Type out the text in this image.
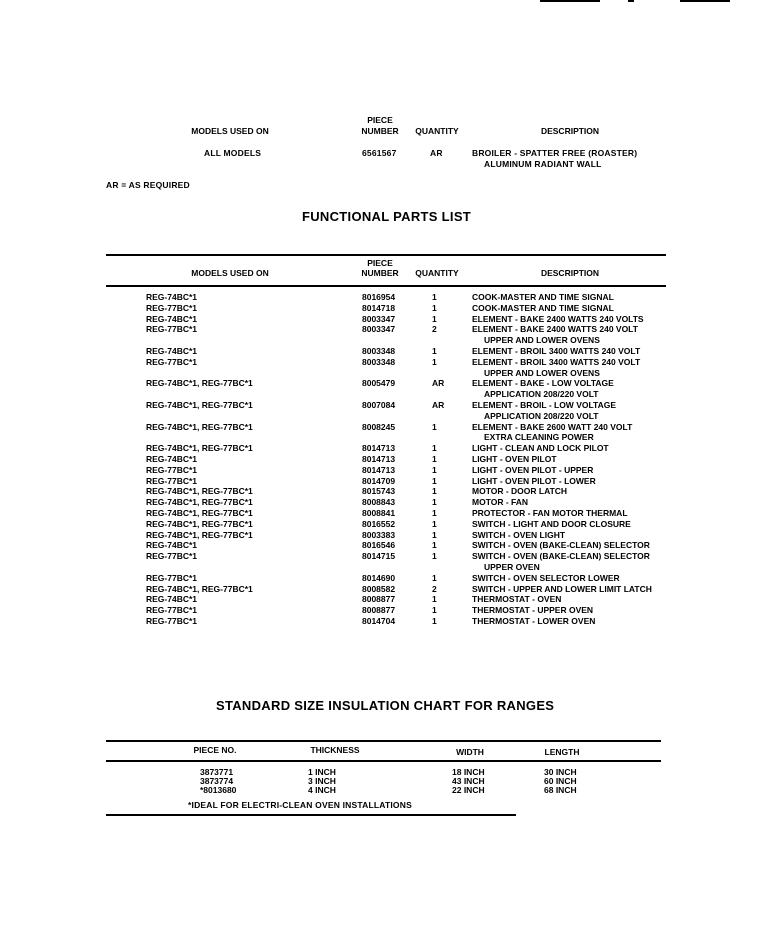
MODELS USED ON
PIECE
NUMBER	QUANTITY	DESCRIPTION
ALL MODELS	6561567	AR	BROILER - SPATTER FREE (ROASTER)
ALUMINUM RADIANT WALL
AR = AS REQUIRED
FUNCTIONAL PARTS LIST
MODELS USED ON
PIECE
NUMBER	QUANTITY	DESCRIPTION
REG-74BC*1	8016954	1	COOK-MASTER AND TIME SIGNAL
REG-77BC*1	8014718	1	COOK-MASTER AND TIME SIGNAL
REG-74BC*1	8003347	1	ELEMENT - BAKE 2400 WATTS 240 VOLTS
REG-77BC*1	8003347	2	ELEMENT - BAKE 2400 WATTS 240 VOLT
UPPER AND LOWER OVENS
REG-74BC*1	8003348	1	ELEMENT - BROIL 3400 WATTS 240 VOLT
REG-77BC*1	8003348	1	ELEMENT - BROIL 3400 WATTS 240 VOLT
UPPER AND LOWER OVENS
REG-74BC*1, REG-77BC*1	8005479	AR	ELEMENT - BAKE - LOW VOLTAGE
APPLICATION 208/220 VOLT
REG-74BC*1, REG-77BC*1	8007084	AR	ELEMENT - BROIL - LOW VOLTAGE
APPLICATION 208/220 VOLT
REG-74BC*1, REG-77BC*1	8008245	1	ELEMENT - BAKE 2600 WATT 240 VOLT
EXTRA CLEANING POWER
REG-74BC*1, REG-77BC*1	8014713	1	LIGHT - CLEAN AND LOCK PILOT
REG-74BC*1	8014713	1	LIGHT - OVEN PILOT
REG-77BC*1	8014713	1	LIGHT - OVEN PILOT - UPPER
REG-77BC*1	8014709	1	LIGHT - OVEN PILOT - LOWER
REG-74BC*1, REG-77BC*1	8015743	1	MOTOR - DOOR LATCH
REG-74BC*1, REG-77BC*1	8008843	1	MOTOR - FAN
REG-74BC*1, REG-77BC*1	8008841	1	PROTECTOR - FAN MOTOR THERMAL
REG-74BC*1, REG-77BC*1	8016552	1	SWITCH - LIGHT AND DOOR CLOSURE
REG-74BC*1, REG-77BC*1	8003383	1	SWITCH - OVEN LIGHT
REG-74BC*1	8016546	1	SWITCH - OVEN (BAKE-CLEAN) SELECTOR
REG-77BC*1	8014715	1	SWITCH - OVEN (BAKE-CLEAN) SELECTOR
UPPER OVEN
REG-77BC*1	8014690	1	SWITCH - OVEN SELECTOR LOWER
REG-74BC*1, REG-77BC*1	8008582	2	SWITCH - UPPER AND LOWER LIMIT LATCH
REG-74BC*1	8008877	1	THERMOSTAT - OVEN
REG-77BC*1	8008877	1	THERMOSTAT - UPPER OVEN
REG-77BC*1	8014704	1	THERMOSTAT - LOWER OVEN
STANDARD SIZE INSULATION CHART FOR RANGES
PIECE NO.	THICKNESS	WIDTH	LENGTH
3873771	1 INCH	18 INCH	30 INCH
3873774	3 INCH	43 INCH	60 INCH
*8013680	4 INCH	22 INCH	68 INCH
*IDEAL FOR ELECTRI-CLEAN OVEN INSTALLATIONS
